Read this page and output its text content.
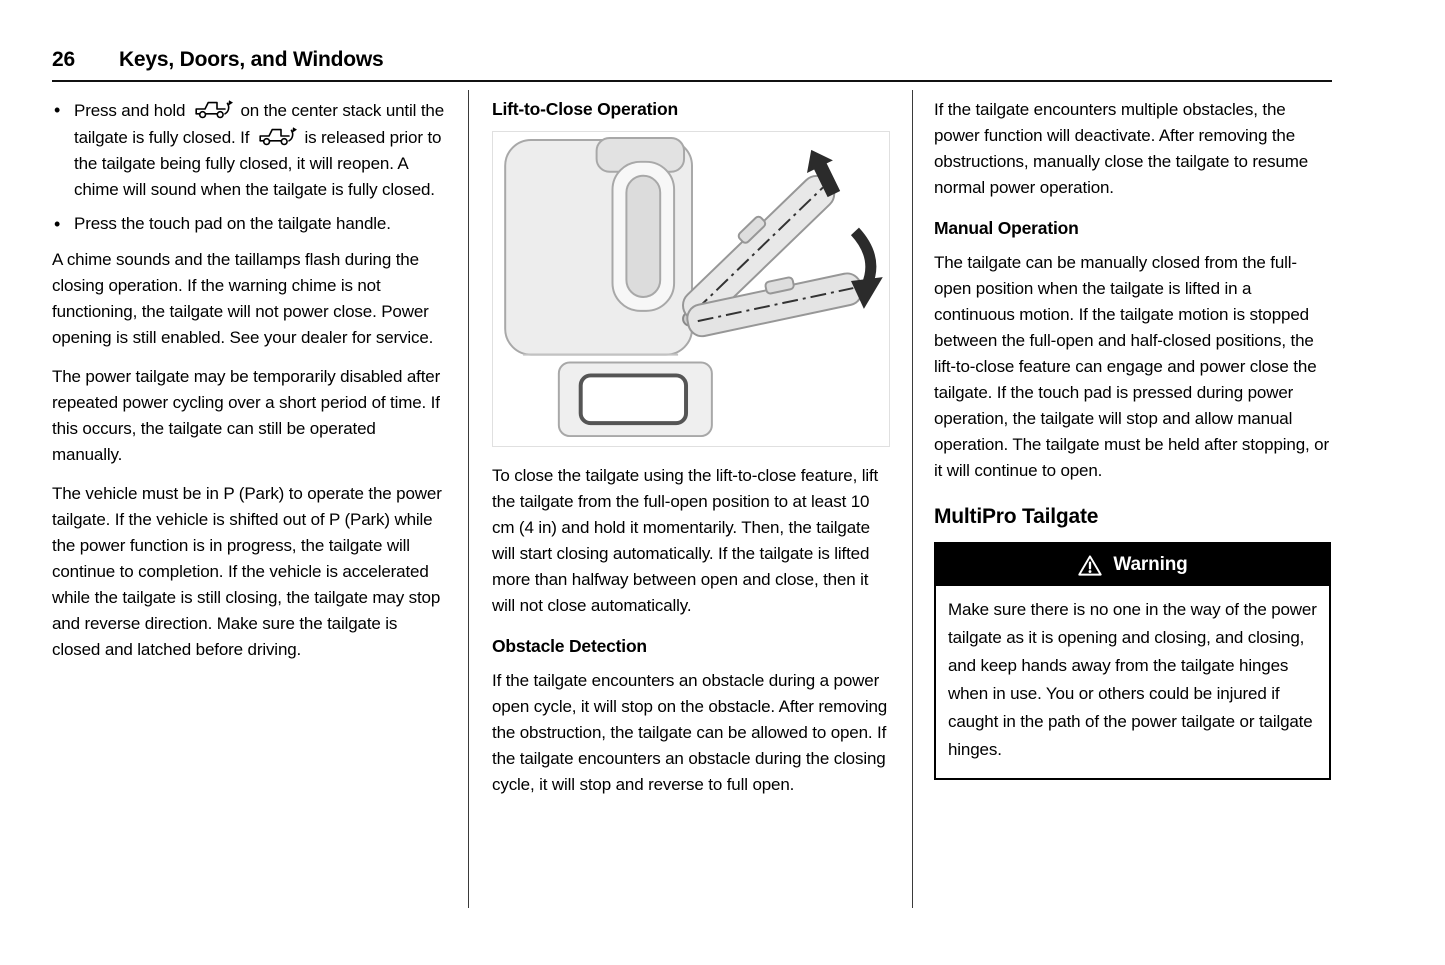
26 Keys, Doors, and Windows
• Press and hold	on the center stack until the tailgate is fully closed. If	is released prior to the tailgate being fully closed, it will reopen. A chime will sound when the tailgate is fully closed.
• Press the touch pad on the tailgate handle.

A chime sounds and the taillamps flash during the closing operation. If the warning chime is not functioning, the tailgate will not power close. Power opening is still enabled. See your dealer for service.

The power tailgate may be temporarily disabled after repeated power cycling over a short period of time. If this occurs, the tailgate can still be operated manually.

The vehicle must be in P (Park) to operate the power tailgate. If the vehicle is shifted out of P (Park) while the power function is in progress, the tailgate will continue to completion. If the vehicle is accelerated while the tailgate is still closing, the tailgate may stop and reverse direction. Make sure the tailgate is closed and latched before driving.

Lift-to-Close Operation

To close the tailgate using the lift-to-close feature, lift the tailgate from the full-open position to at least 10 cm (4 in) and hold it momentarily. Then, the tailgate will start closing automatically. If the tailgate is lifted more than halfway between open and close, then it will not close automatically.

Obstacle Detection

If the tailgate encounters an obstacle during a power open cycle, it will stop on the obstacle. After removing the obstruction, the tailgate can be allowed to open. If the tailgate encounters an obstacle during the closing cycle, it will stop and reverse to full open.

If the tailgate encounters multiple obstacles, the power function will deactivate. After removing the obstructions, manually close the tailgate to resume normal power operation.

Manual Operation

The tailgate can be manually closed from the full-open position when the tailgate is lifted in a continuous motion. If the tailgate motion is stopped between the full-open and half-closed positions, the lift-to-close feature can engage and power close the tailgate. If the touch pad is pressed during power operation, the tailgate will stop and allow manual operation. The tailgate must be held after stopping, or it will continue to open.

MultiPro Tailgate
Warning
Make sure there is no one in the way of the power tailgate as it is opening and closing, and closing, and keep hands away from the tailgate hinges when in use. You or others could be injured if caught in the path of the power tailgate or tailgate hinges.
